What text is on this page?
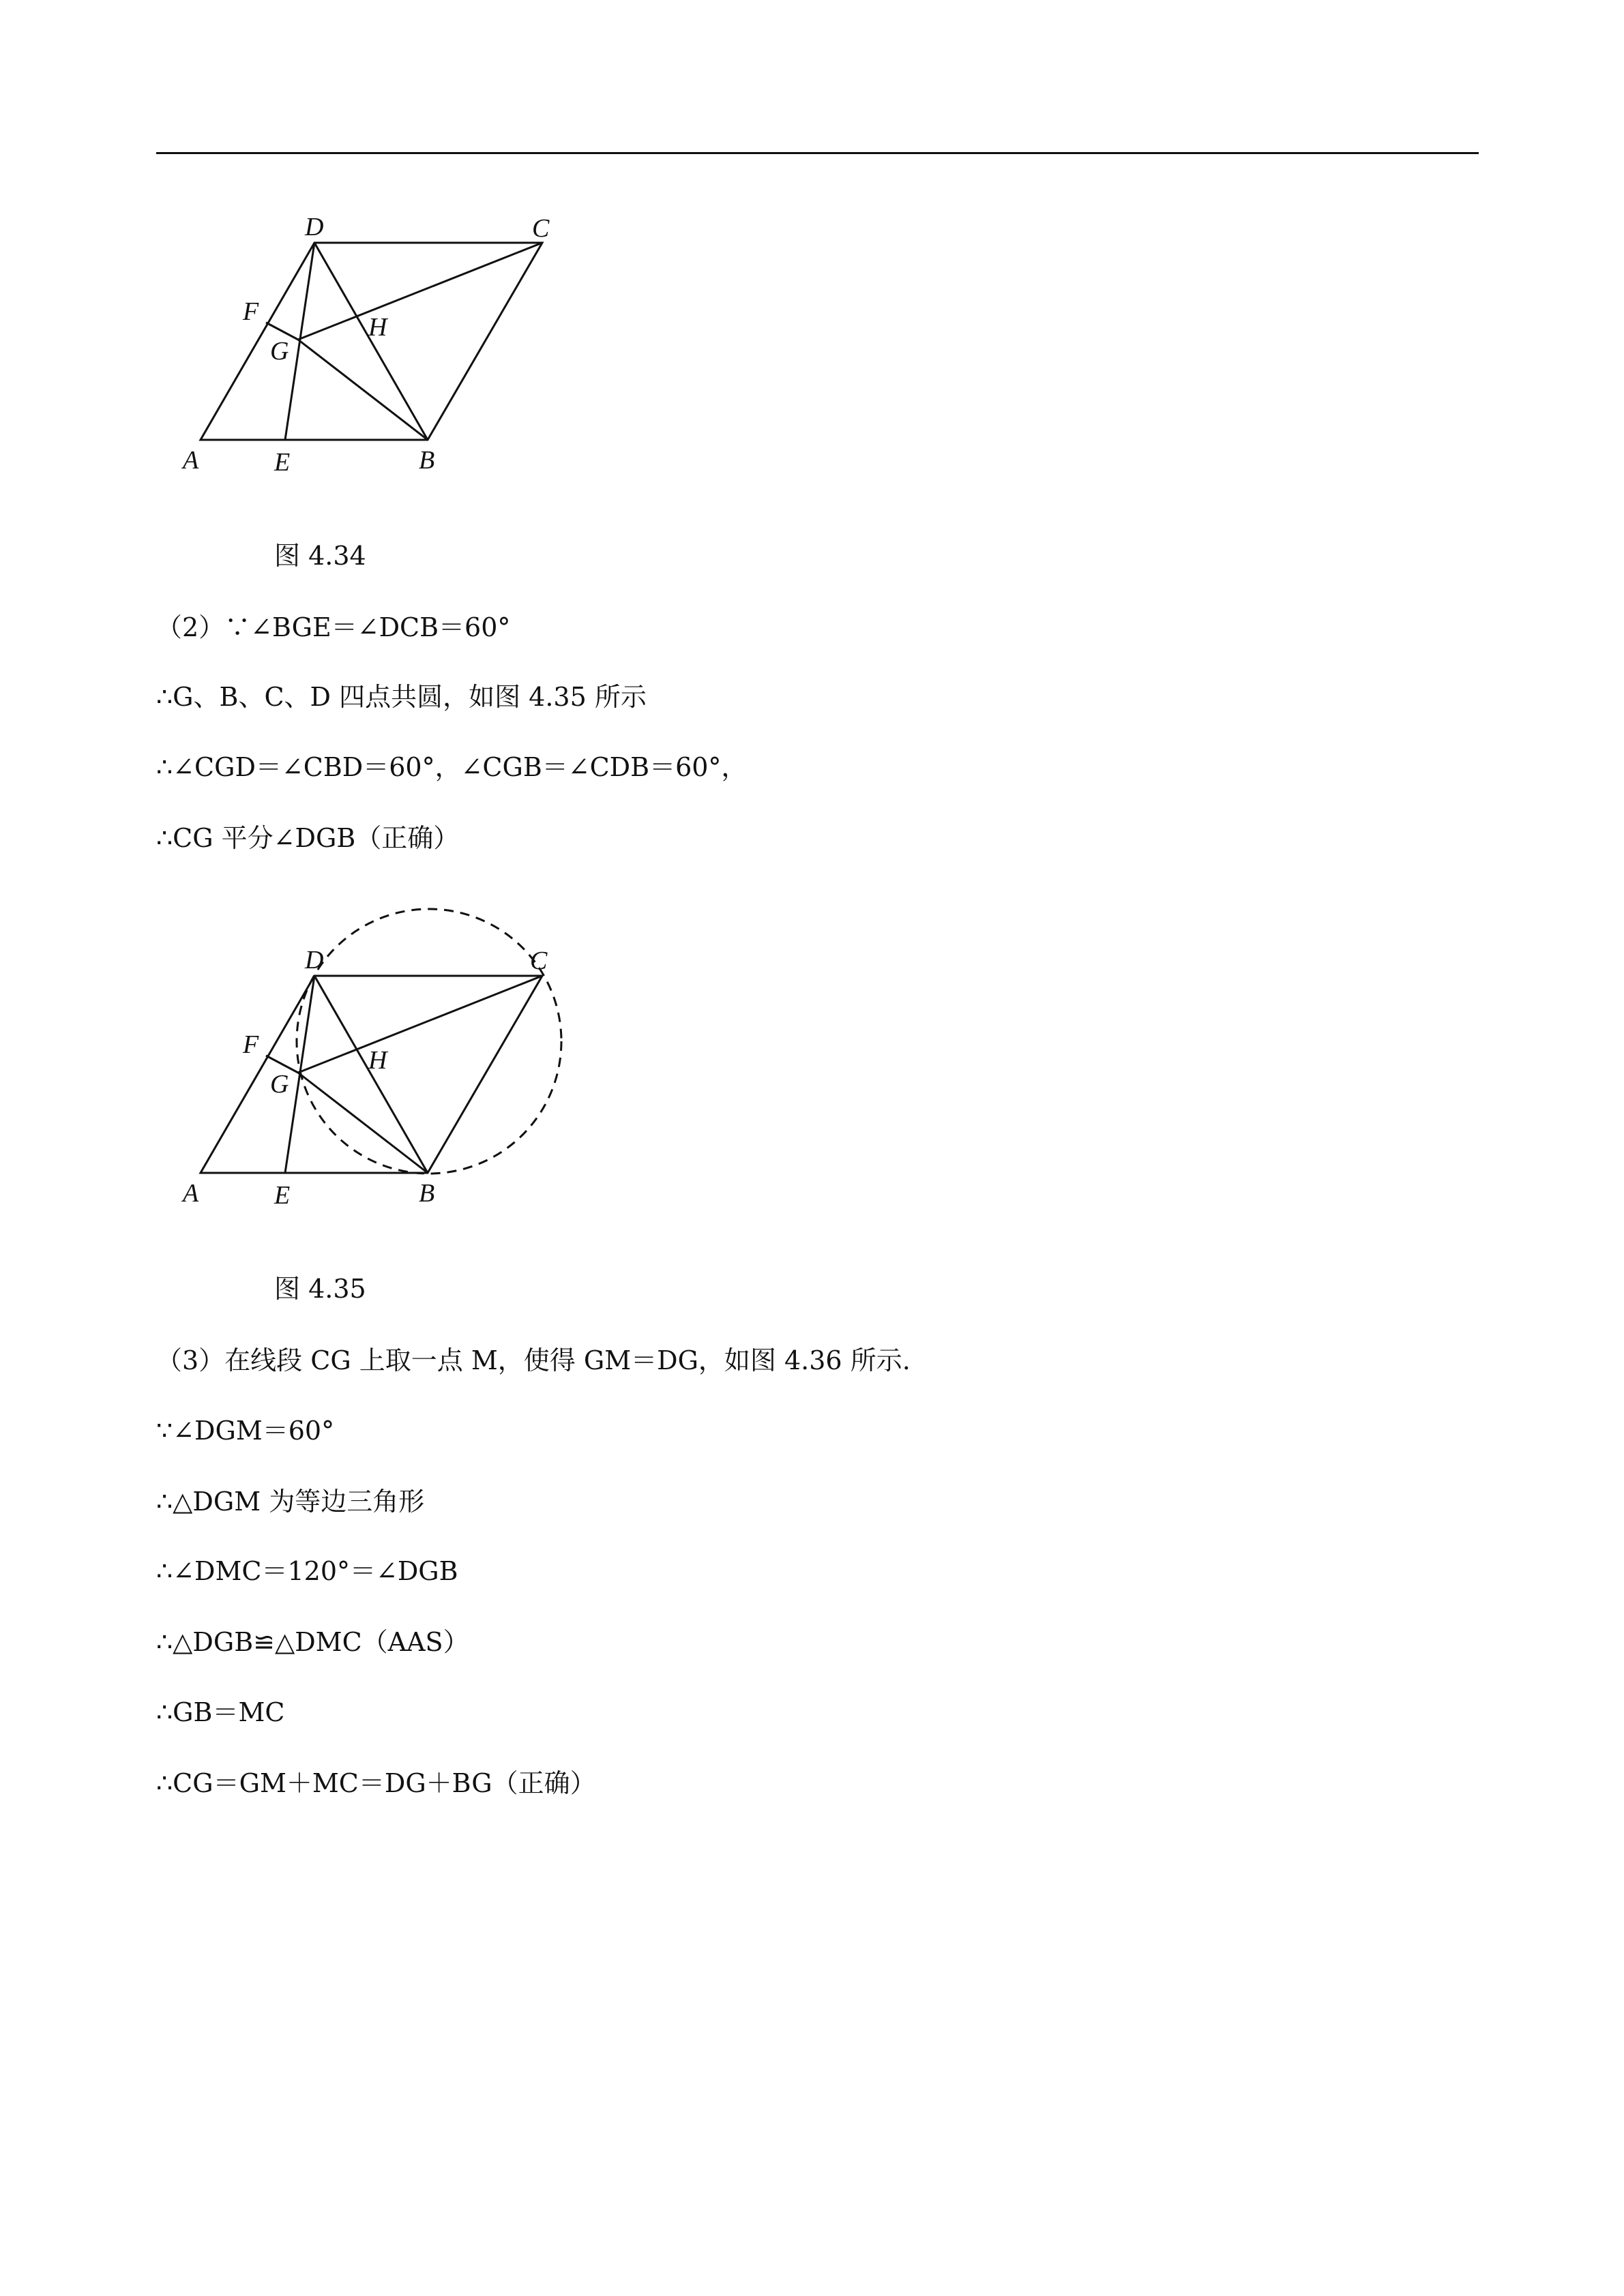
D	C
F
G
H
A	E	B
图 4.34
（2）∵∠BGE＝∠DCB＝60°
∴G、B、C、D 四点共圆，如图 4.35 所示
∴∠CGD＝∠CBD＝60°，∠CGB＝∠CDB＝60°，
∴CG 平分∠DGB（正确）
D	C
F
G
H
A	E	B
图 4.35
（3）在线段 CG 上取一点 M，使得 GM＝DG，如图 4.36 所示.
∵∠DGM＝60°
∴△DGM 为等边三角形
∴∠DMC＝120°＝∠DGB
∴△DGB≌△DMC（AAS）
∴GB＝MC
∴CG＝GM＋MC＝DG＋BG（正确）
